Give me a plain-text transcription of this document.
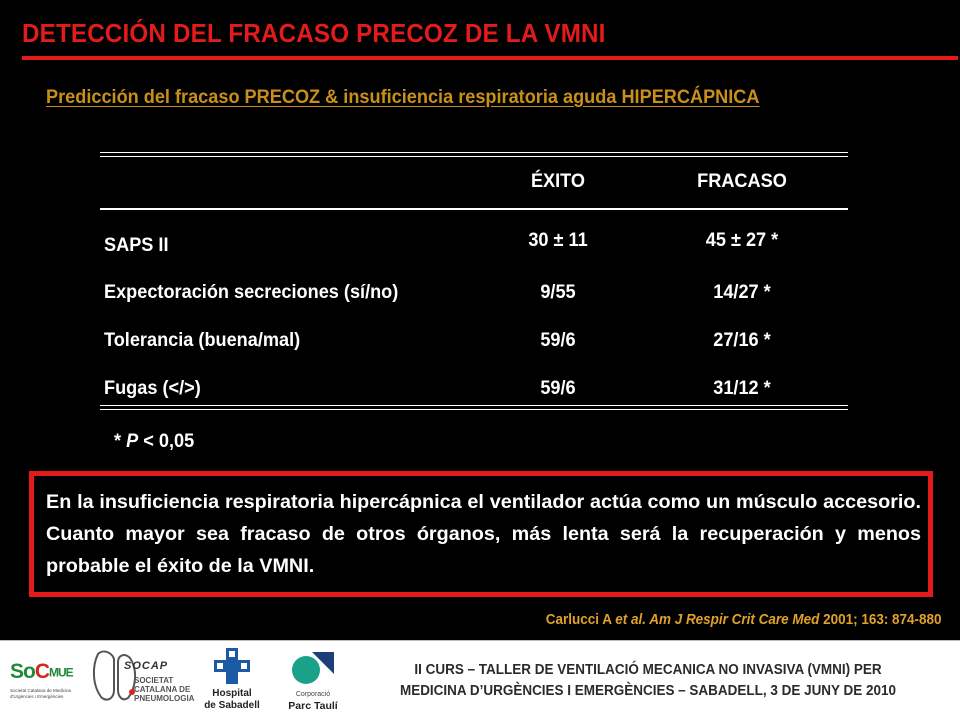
DETECCIÓN DEL FRACASO PRECOZ DE LA VMNI
Predicción del fracaso PRECOZ & insuficiencia respiratoria aguda HIPERCÁPNICA
ÉXITO	FRACASO
SAPS II	30 ± 11	45 ± 27 *
Expectoración secreciones (sí/no)	9/55	14/27 *
Tolerancia (buena/mal)	59/6	27/16 *
Fugas (</>)	59/6	31/12 *
* P < 0,05
En la insuficiencia respiratoria hipercápnica el ventilador actúa como un músculo accesorio. Cuanto mayor sea fracaso de otros órganos, más lenta será la recuperación y menos probable el éxito de la VMNI.
Carlucci A et al. Am J Respir Crit Care Med 2001; 163: 874-880
SoCMUE
Societat Catalana de Medicina d'Urgències i Emergències
SOCAP
SOCIETAT
CATALANA DE
PNEUMOLOGIA	Hospital
de Sabadell
Corporació
Parc Taulí
II CURS – TALLER DE VENTILACIÓ MECANICA NO INVASIVA (VMNI) PER
MEDICINA D’URGÈNCIES I EMERGÈNCIES – SABADELL, 3 DE JUNY DE 2010
